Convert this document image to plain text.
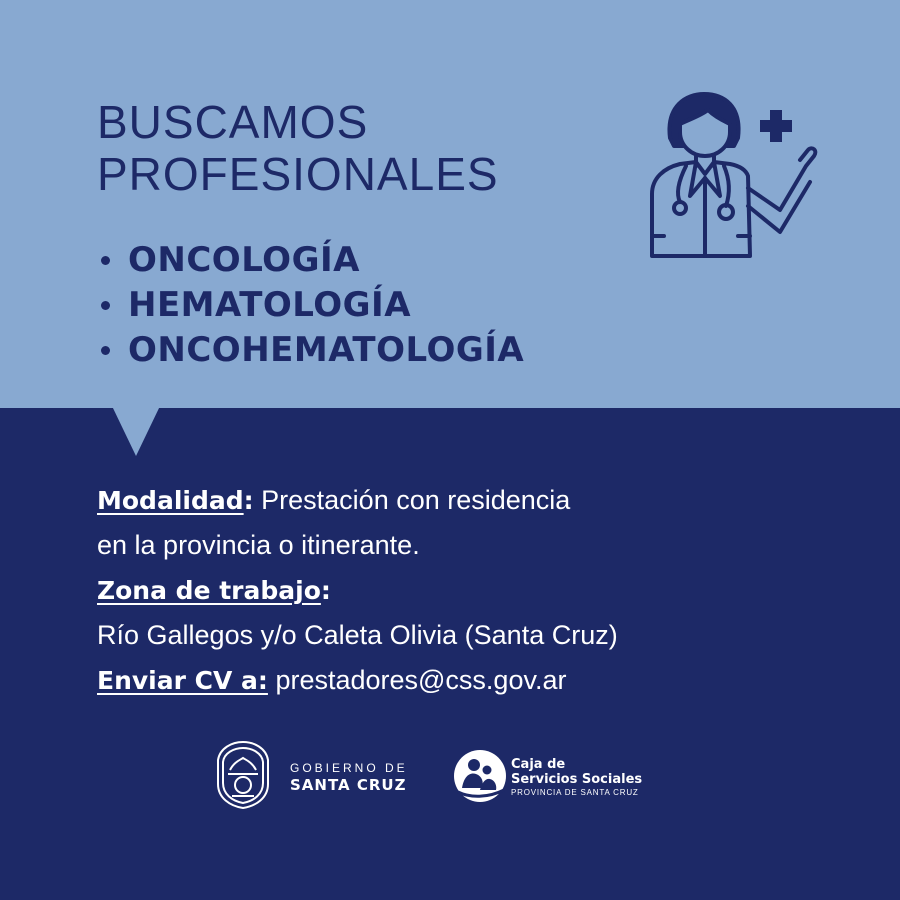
BUSCAMOS
PROFESIONALES
ONCOLOGÍA
HEMATOLOGÍA
ONCOHEMATOLOGÍA
Modalidad: Prestación con residencia
en la provincia o itinerante.
Zona de trabajo:
Río Gallegos y/o Caleta Olivia (Santa Cruz)
Enviar CV a: prestadores@css.gov.ar
GOBIERNO DE
SANTA CRUZ
Caja de
Servicios Sociales
PROVINCIA DE SANTA CRUZ
